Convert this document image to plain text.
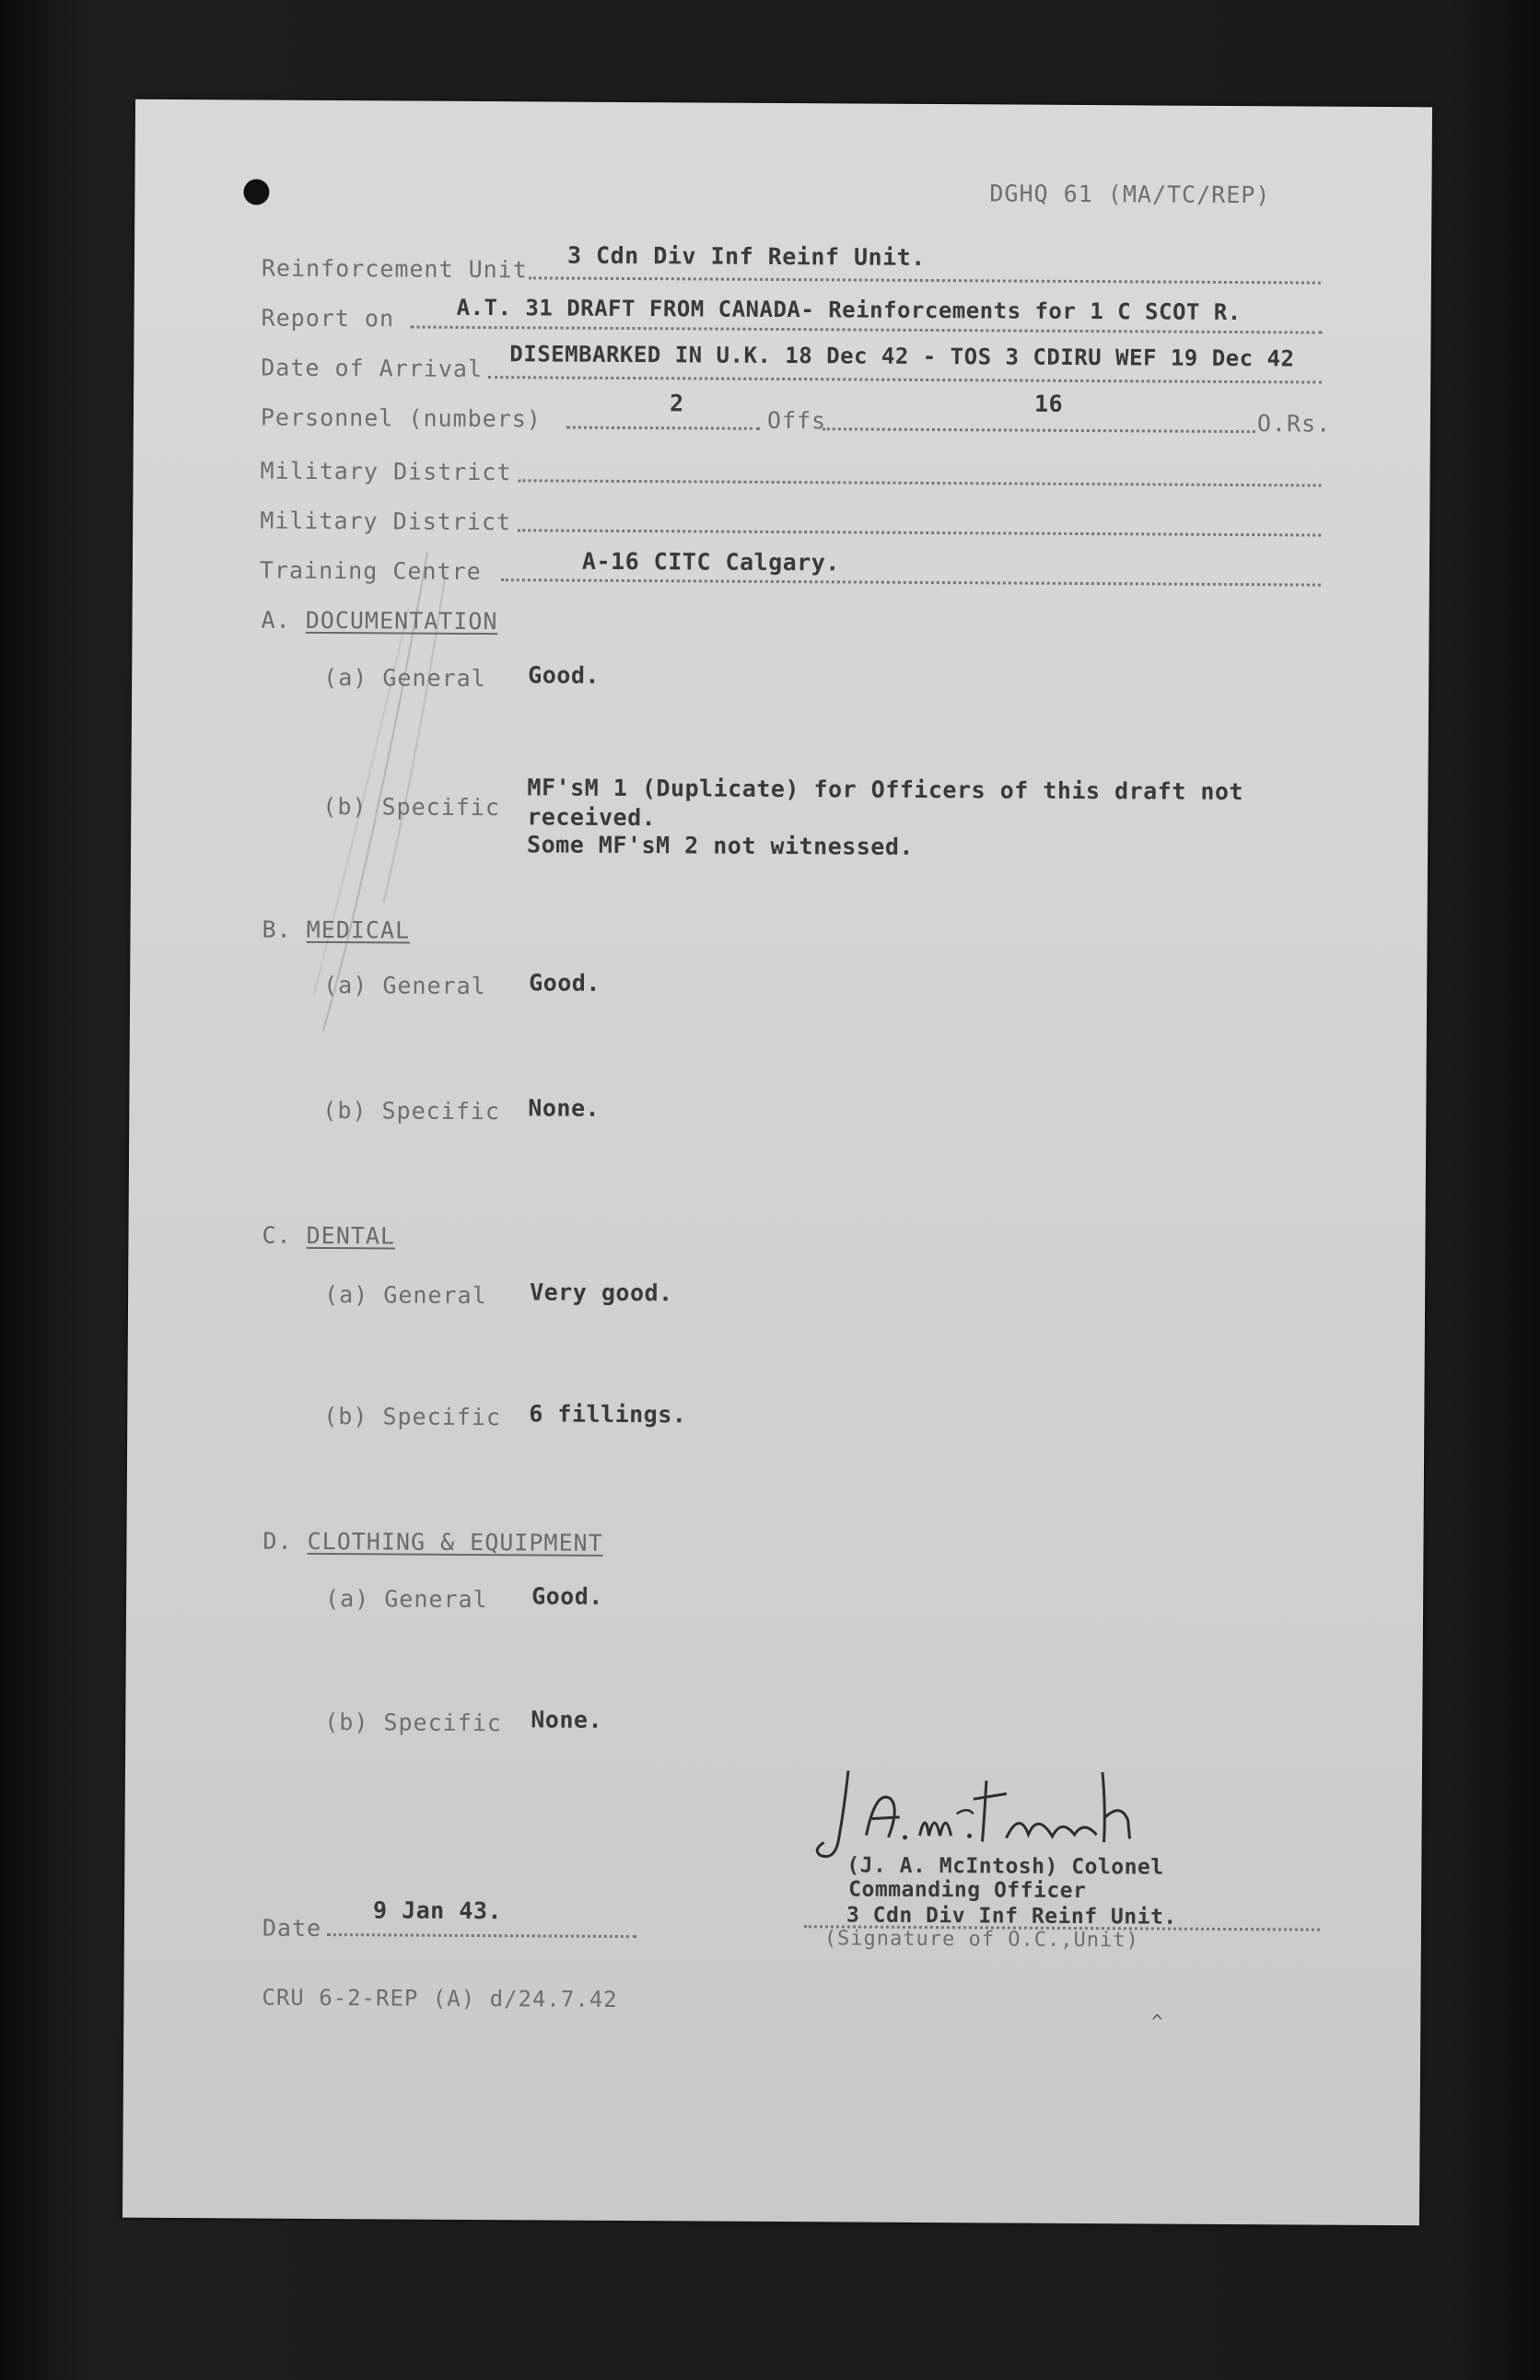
DGHQ 61 (MA/TC/REP)
Reinforcement Unit 3 Cdn Div Inf Reinf Unit.
Report on	A.T. 31 DRAFT FROM CANADA- Reinforcements for 1 C SCOT R.
Date of Arrival DISEMBARKED IN U.K. 18 Dec 42 - TOS 3 CDIRU WEF 19 Dec 42
Personnel (numbers)
2
Offs
16
O.Rs.
Military District
Military District
Training Centre	A-16 CITC Calgary.
A. DOCUMENTATION
(a) General Good.
(b) Specific
MF'sM 1 (Duplicate) for Officers of this draft not
received.
Some MF'sM 2 not witnessed.
B. MEDICAL
(a) General Good.
(b) Specific None.
C. DENTAL
(a) General Very good.
(b) Specific 6 fillings.
D. CLOTHING & EQUIPMENT
(a) General Good.
(b) Specific None.
(J. A. McIntosh) Colonel
Commanding Officer
3 Cdn Div Inf Reinf Unit.
(Signature of O.C.,Unit)
Date
9 Jan 43.
CRU 6-2-REP (A) d/24.7.42
^
